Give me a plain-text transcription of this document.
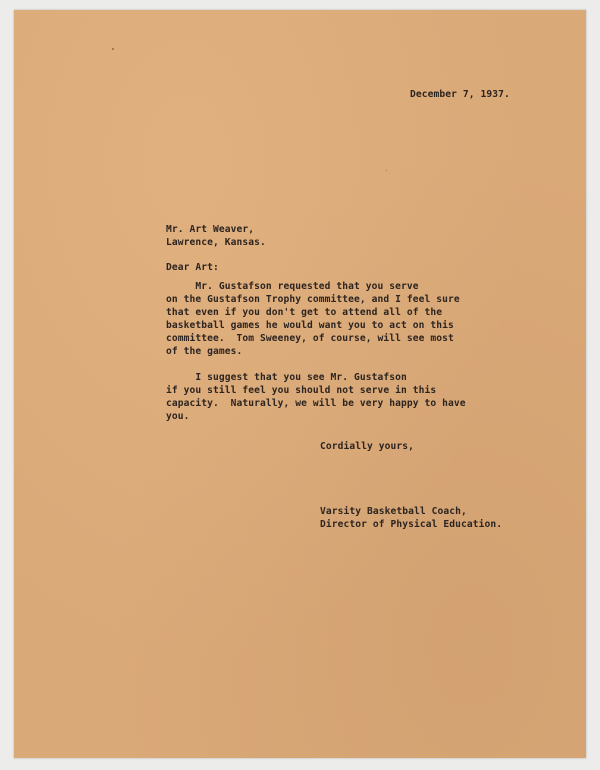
December 7, 1937.
Mr. Art Weaver,
Lawrence, Kansas.
Dear Art:
Mr. Gustafson requested that you serve
on the Gustafson Trophy committee, and I feel sure
that even if you don't get to attend all of the
basketball games he would want you to act on this
committee.  Tom Sweeney, of course, will see most
of the games.
I suggest that you see Mr. Gustafson
if you still feel you should not serve in this
capacity.  Naturally, we will be very happy to have
you.
Cordially yours,
Varsity Basketball Coach,
Director of Physical Education.
